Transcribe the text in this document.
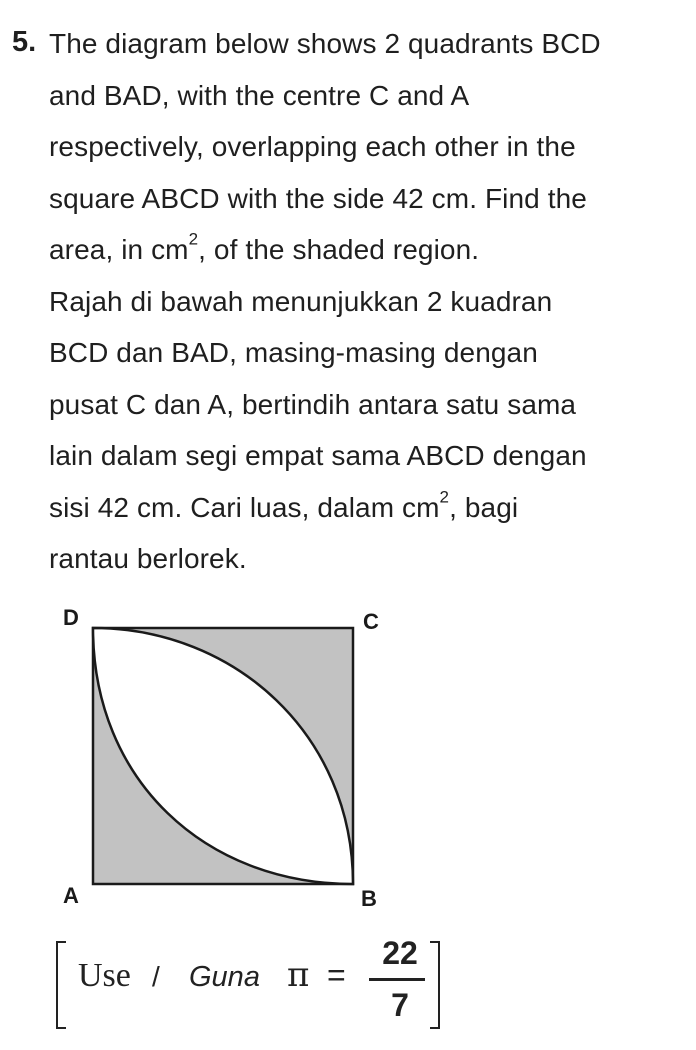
5. The diagram below shows 2 quadrants BCD
and BAD, with the centre C and A
respectively, overlapping each other in the
square ABCD with the side 42 cm. Find the
area, in $cm^2$, of the shaded region.

Rajah di bawah menunjukkan 2 kuadran
BCD dan BAD, masing-masing dengan
pusat C dan A, bertindih antara satu sama
lain dalam segi empat sama ABCD dengan
sisi 42 cm. Cari luas, dalam $cm^2$, bagi
rantau berlorek.

D	C
A	B
Use / Guna π =
22
7
